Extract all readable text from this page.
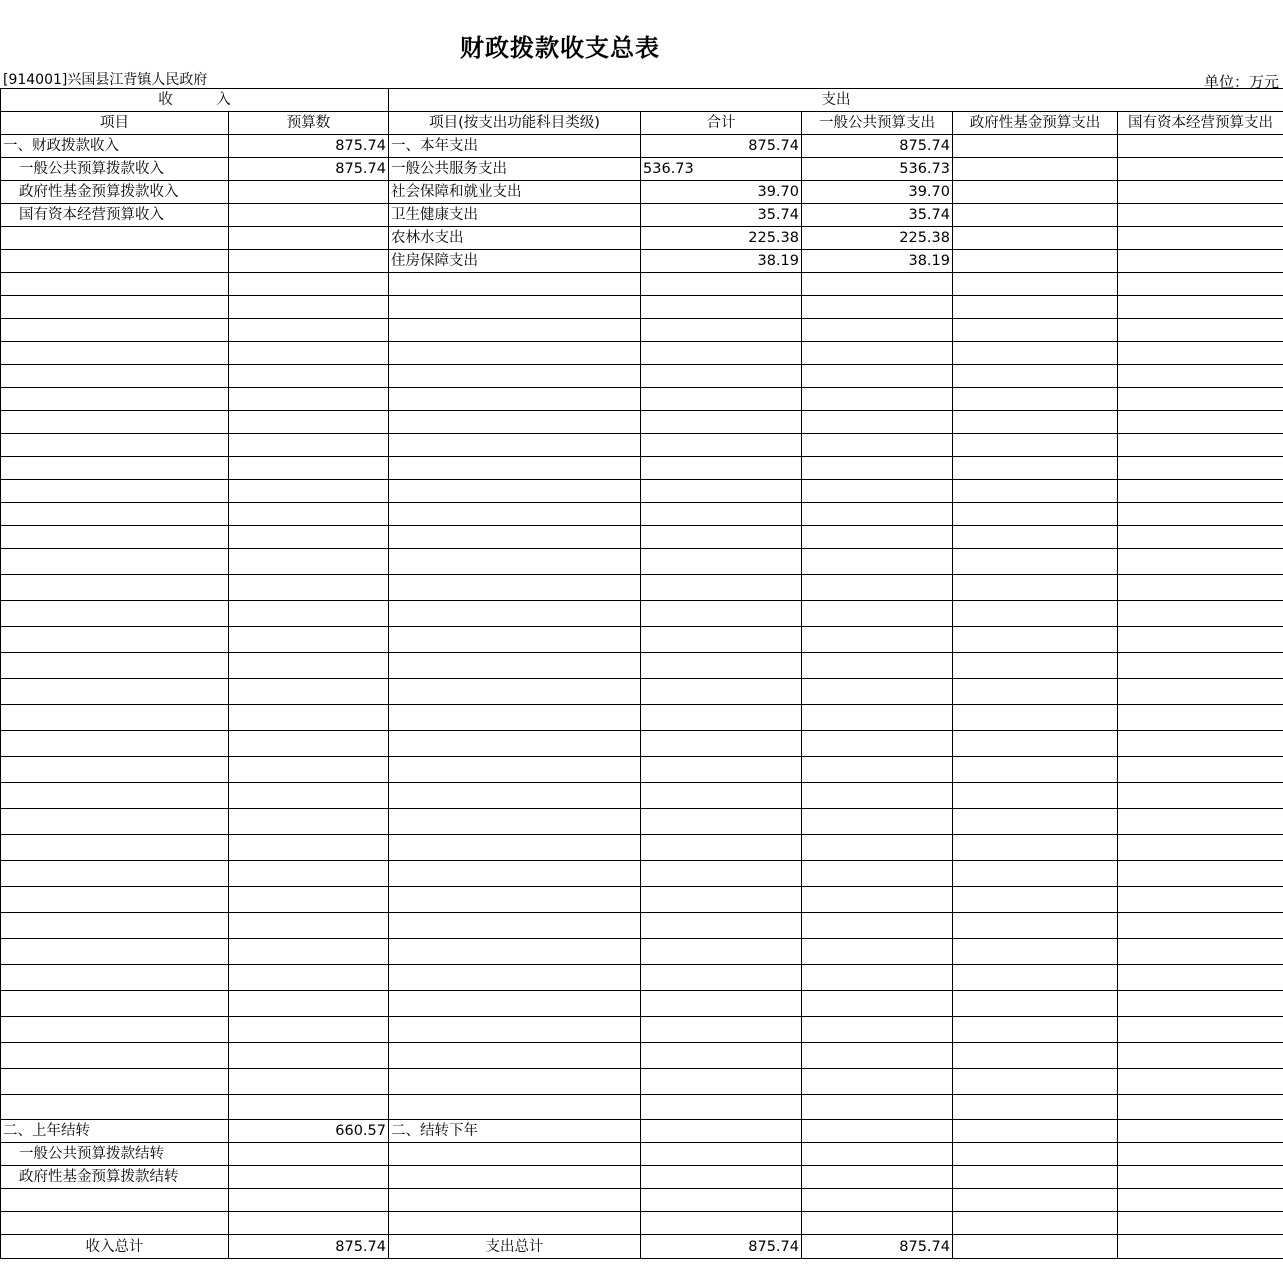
财政拨款收支总表
[914001]兴国县江背镇人民政府	单位：万元
收　　　入		支出				
项目	预算数	项目(按支出功能科目类级)	合计	一般公共预算支出	政府性基金预算支出	国有资本经营预算支出
一、财政拨款收入	875.74	一、本年支出	875.74	875.74		
一般公共预算拨款收入	875.74	一般公共服务支出	536.73	536.73		
政府性基金预算拨款收入		社会保障和就业支出	39.70	39.70		
国有资本经营预算收入		卫生健康支出	35.74	35.74		
		农林水支出	225.38	225.38		
		住房保障支出	38.19	38.19		

二、上年结转	660.57	二、结转下年				
一般公共预算拨款结转						
政府性基金预算拨款结转						

收入总计	875.74	支出总计	875.74	875.74		
